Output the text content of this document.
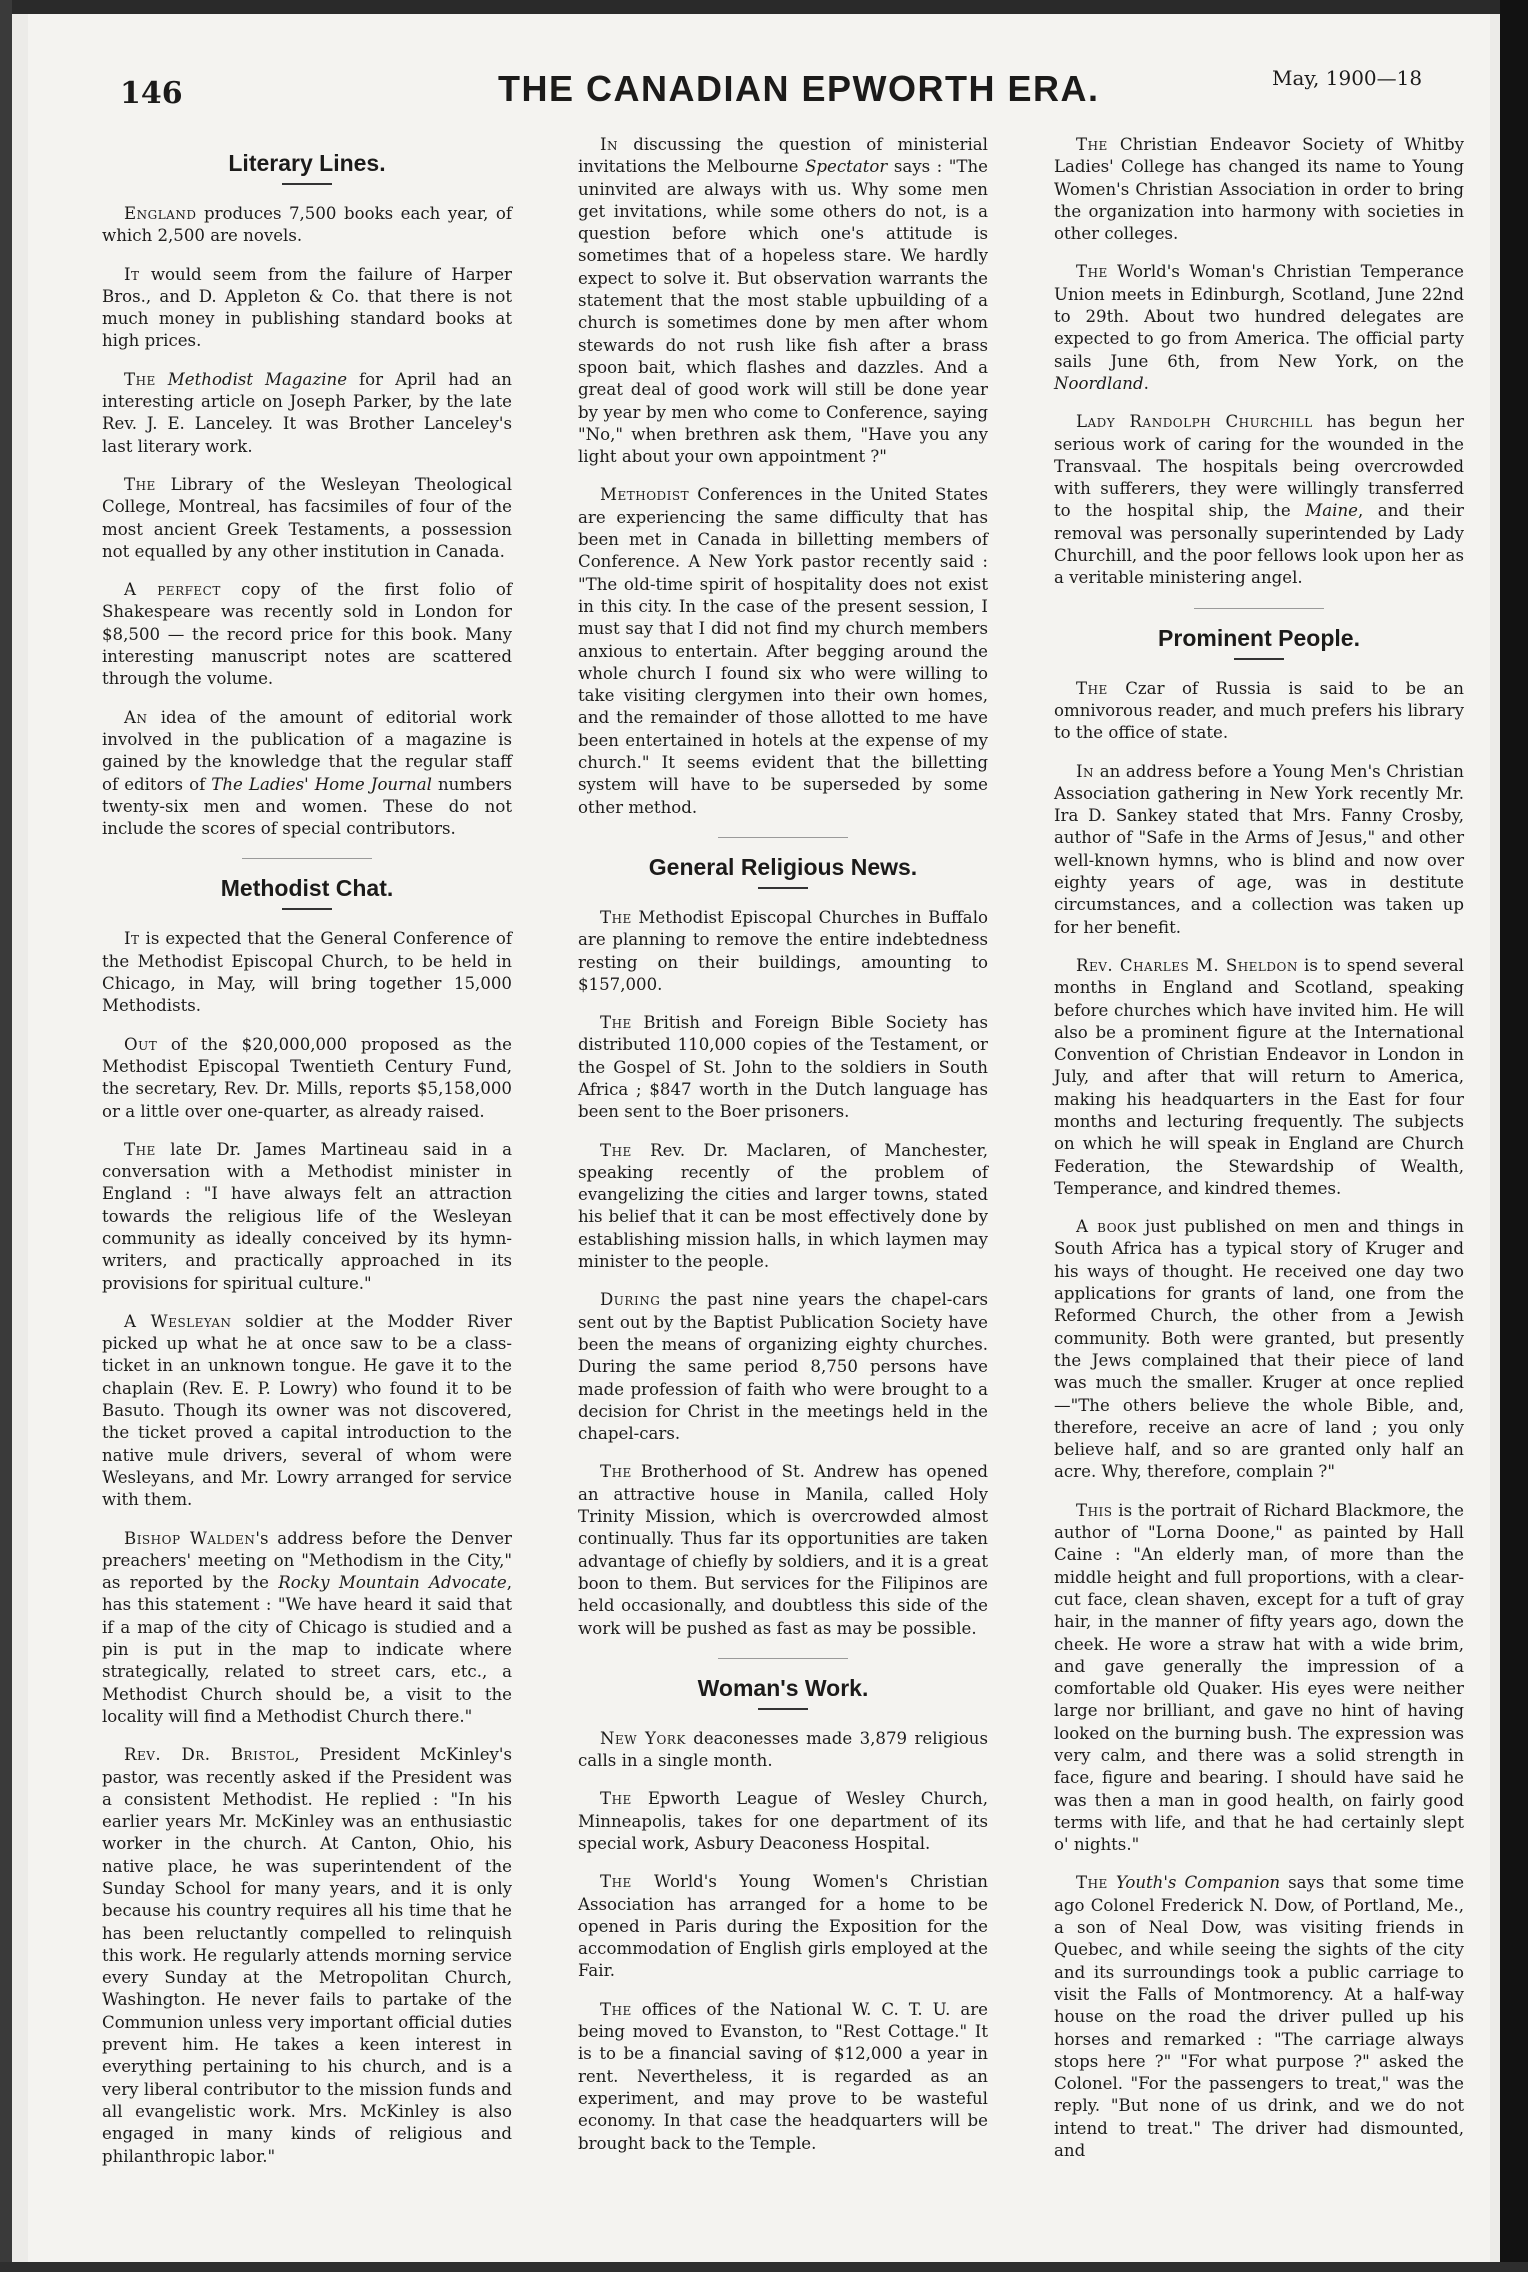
146	THE CANADIAN EPWORTH ERA.	May, 1900—18
Literary Lines.

England produces 7,500 books each year, of which 2,500 are novels.

It would seem from the failure of Harper Bros., and D. Appleton & Co. that there is not much money in publishing standard books at high prices.

The Methodist Magazine for April had an interesting article on Joseph Parker, by the late Rev. J. E. Lanceley. It was Brother Lanceley's last literary work.

The Library of the Wesleyan Theological College, Montreal, has facsimiles of four of the most ancient Greek Testaments, a possession not equalled by any other institution in Canada.

A perfect copy of the first folio of Shakespeare was recently sold in London for $8,500 — the record price for this book. Many interesting manuscript notes are scattered through the volume.

An idea of the amount of editorial work involved in the publication of a magazine is gained by the knowledge that the regular staff of editors of The Ladies' Home Journal numbers twenty-six men and women. These do not include the scores of special contributors.

Methodist Chat.

It is expected that the General Conference of the Methodist Episcopal Church, to be held in Chicago, in May, will bring together 15,000 Methodists.

Out of the $20,000,000 proposed as the Methodist Episcopal Twentieth Century Fund, the secretary, Rev. Dr. Mills, reports $5,158,000 or a little over one-quarter, as already raised.

The late Dr. James Martineau said in a conversation with a Methodist minister in England : "I have always felt an attraction towards the religious life of the Wesleyan community as ideally conceived by its hymn-writers, and practically approached in its provisions for spiritual culture."

A Wesleyan soldier at the Modder River picked up what he at once saw to be a class-ticket in an unknown tongue. He gave it to the chaplain (Rev. E. P. Lowry) who found it to be Basuto. Though its owner was not discovered, the ticket proved a capital introduction to the native mule drivers, several of whom were Wesleyans, and Mr. Lowry arranged for service with them.

Bishop Walden's address before the Denver preachers' meeting on "Methodism in the City," as reported by the Rocky Mountain Advocate, has this statement : "We have heard it said that if a map of the city of Chicago is studied and a pin is put in the map to indicate where strategically, related to street cars, etc., a Methodist Church should be, a visit to the locality will find a Methodist Church there."

Rev. Dr. Bristol, President McKinley's pastor, was recently asked if the President was a consistent Methodist. He replied : "In his earlier years Mr. McKinley was an enthusiastic worker in the church. At Canton, Ohio, his native place, he was superintendent of the Sunday School for many years, and it is only because his country requires all his time that he has been reluctantly compelled to relinquish this work. He regularly attends morning service every Sunday at the Metropolitan Church, Washington. He never fails to partake of the Communion unless very important official duties prevent him. He takes a keen interest in everything pertaining to his church, and is a very liberal contributor to the mission funds and all evangelistic work. Mrs. McKinley is also engaged in many kinds of religious and philanthropic labor."

In discussing the question of ministerial invitations the Melbourne Spectator says : "The uninvited are always with us. Why some men get invitations, while some others do not, is a question before which one's attitude is sometimes that of a hopeless stare. We hardly expect to solve it. But observation warrants the statement that the most stable upbuilding of a church is sometimes done by men after whom stewards do not rush like fish after a brass spoon bait, which flashes and dazzles. And a great deal of good work will still be done year by year by men who come to Conference, saying "No," when brethren ask them, "Have you any light about your own appointment ?"

Methodist Conferences in the United States are experiencing the same difficulty that has been met in Canada in billetting members of Conference. A New York pastor recently said : "The old-time spirit of hospitality does not exist in this city. In the case of the present session, I must say that I did not find my church members anxious to entertain. After begging around the whole church I found six who were willing to take visiting clergymen into their own homes, and the remainder of those allotted to me have been entertained in hotels at the expense of my church." It seems evident that the billetting system will have to be superseded by some other method.

General Religious News.

The Methodist Episcopal Churches in Buffalo are planning to remove the entire indebtedness resting on their buildings, amounting to $157,000.

The British and Foreign Bible Society has distributed 110,000 copies of the Testament, or the Gospel of St. John to the soldiers in South Africa ; $847 worth in the Dutch language has been sent to the Boer prisoners.

The Rev. Dr. Maclaren, of Manchester, speaking recently of the problem of evangelizing the cities and larger towns, stated his belief that it can be most effectively done by establishing mission halls, in which laymen may minister to the people.

During the past nine years the chapel-cars sent out by the Baptist Publication Society have been the means of organizing eighty churches. During the same period 8,750 persons have made profession of faith who were brought to a decision for Christ in the meetings held in the chapel-cars.

The Brotherhood of St. Andrew has opened an attractive house in Manila, called Holy Trinity Mission, which is overcrowded almost continually. Thus far its opportunities are taken advantage of chiefly by soldiers, and it is a great boon to them. But services for the Filipinos are held occasionally, and doubtless this side of the work will be pushed as fast as may be possible.

Woman's Work.

New York deaconesses made 3,879 religious calls in a single month.

The Epworth League of Wesley Church, Minneapolis, takes for one department of its special work, Asbury Deaconess Hospital.

The World's Young Women's Christian Association has arranged for a home to be opened in Paris during the Exposition for the accommodation of English girls employed at the Fair.

The offices of the National W. C. T. U. are being moved to Evanston, to "Rest Cottage." It is to be a financial saving of $12,000 a year in rent. Nevertheless, it is regarded as an experiment, and may prove to be wasteful economy. In that case the headquarters will be brought back to the Temple.

The Christian Endeavor Society of Whitby Ladies' College has changed its name to Young Women's Christian Association in order to bring the organization into harmony with societies in other colleges.

The World's Woman's Christian Temperance Union meets in Edinburgh, Scotland, June 22nd to 29th. About two hundred delegates are expected to go from America. The official party sails June 6th, from New York, on the Noordland.

Lady Randolph Churchill has begun her serious work of caring for the wounded in the Transvaal. The hospitals being overcrowded with sufferers, they were willingly transferred to the hospital ship, the Maine, and their removal was personally superintended by Lady Churchill, and the poor fellows look upon her as a veritable ministering angel.

Prominent People.

The Czar of Russia is said to be an omnivorous reader, and much prefers his library to the office of state.

In an address before a Young Men's Christian Association gathering in New York recently Mr. Ira D. Sankey stated that Mrs. Fanny Crosby, author of "Safe in the Arms of Jesus," and other well-known hymns, who is blind and now over eighty years of age, was in destitute circumstances, and a collection was taken up for her benefit.

Rev. Charles M. Sheldon is to spend several months in England and Scotland, speaking before churches which have invited him. He will also be a prominent figure at the International Convention of Christian Endeavor in London in July, and after that will return to America, making his headquarters in the East for four months and lecturing frequently. The subjects on which he will speak in England are Church Federation, the Stewardship of Wealth, Temperance, and kindred themes.

A book just published on men and things in South Africa has a typical story of Kruger and his ways of thought. He received one day two applications for grants of land, one from the Reformed Church, the other from a Jewish community. Both were granted, but presently the Jews complained that their piece of land was much the smaller. Kruger at once replied—"The others believe the whole Bible, and, therefore, receive an acre of land ; you only believe half, and so are granted only half an acre. Why, therefore, complain ?"

This is the portrait of Richard Blackmore, the author of "Lorna Doone," as painted by Hall Caine : "An elderly man, of more than the middle height and full proportions, with a clear-cut face, clean shaven, except for a tuft of gray hair, in the manner of fifty years ago, down the cheek. He wore a straw hat with a wide brim, and gave generally the impression of a comfortable old Quaker. His eyes were neither large nor brilliant, and gave no hint of having looked on the burning bush. The expression was very calm, and there was a solid strength in face, figure and bearing. I should have said he was then a man in good health, on fairly good terms with life, and that he had certainly slept o' nights."

The Youth's Companion says that some time ago Colonel Frederick N. Dow, of Portland, Me., a son of Neal Dow, was visiting friends in Quebec, and while seeing the sights of the city and its surroundings took a public carriage to visit the Falls of Montmorency. At a half-way house on the road the driver pulled up his horses and remarked : "The carriage always stops here ?" "For what purpose ?" asked the Colonel. "For the passengers to treat," was the reply. "But none of us drink, and we do not intend to treat." The driver had dismounted, and
